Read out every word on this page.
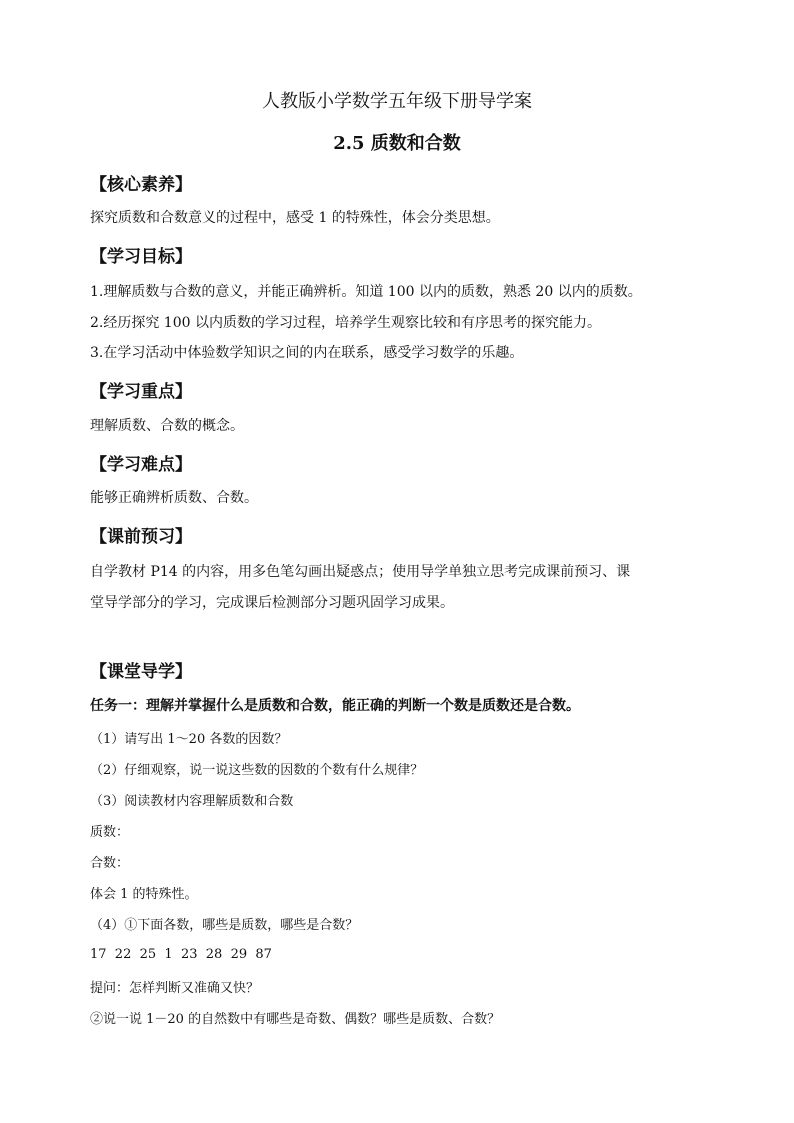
人教版小学数学五年级下册导学案
2.5 质数和合数
【核心素养】
探究质数和合数意义的过程中，感受 1 的特殊性，体会分类思想。
【学习目标】
1.理解质数与合数的意义，并能正确辨析。知道 100 以内的质数，熟悉 20 以内的质数。
2.经历探究 100 以内质数的学习过程，培养学生观察比较和有序思考的探究能力。
3.在学习活动中体验数学知识之间的内在联系，感受学习数学的乐趣。
【学习重点】
理解质数、合数的概念。
【学习难点】
能够正确辨析质数、合数。
【课前预习】
自学教材 P14 的内容，用多色笔勾画出疑惑点；使用导学单独立思考完成课前预习、课
堂导学部分的学习，完成课后检测部分习题巩固学习成果。
【课堂导学】
任务一：理解并掌握什么是质数和合数，能正确的判断一个数是质数还是合数。
（1）请写出 1～20 各数的因数？
（2）仔细观察，说一说这些数的因数的个数有什么规律？
（3）阅读教材内容理解质数和合数
质数：
合数：
体会 1 的特殊性。
（4）①下面各数，哪些是质数，哪些是合数？
17  22  25  1  23  28  29  87
提问：怎样判断又准确又快？
②说一说 1－20 的自然数中有哪些是奇数、偶数？哪些是质数、合数？
